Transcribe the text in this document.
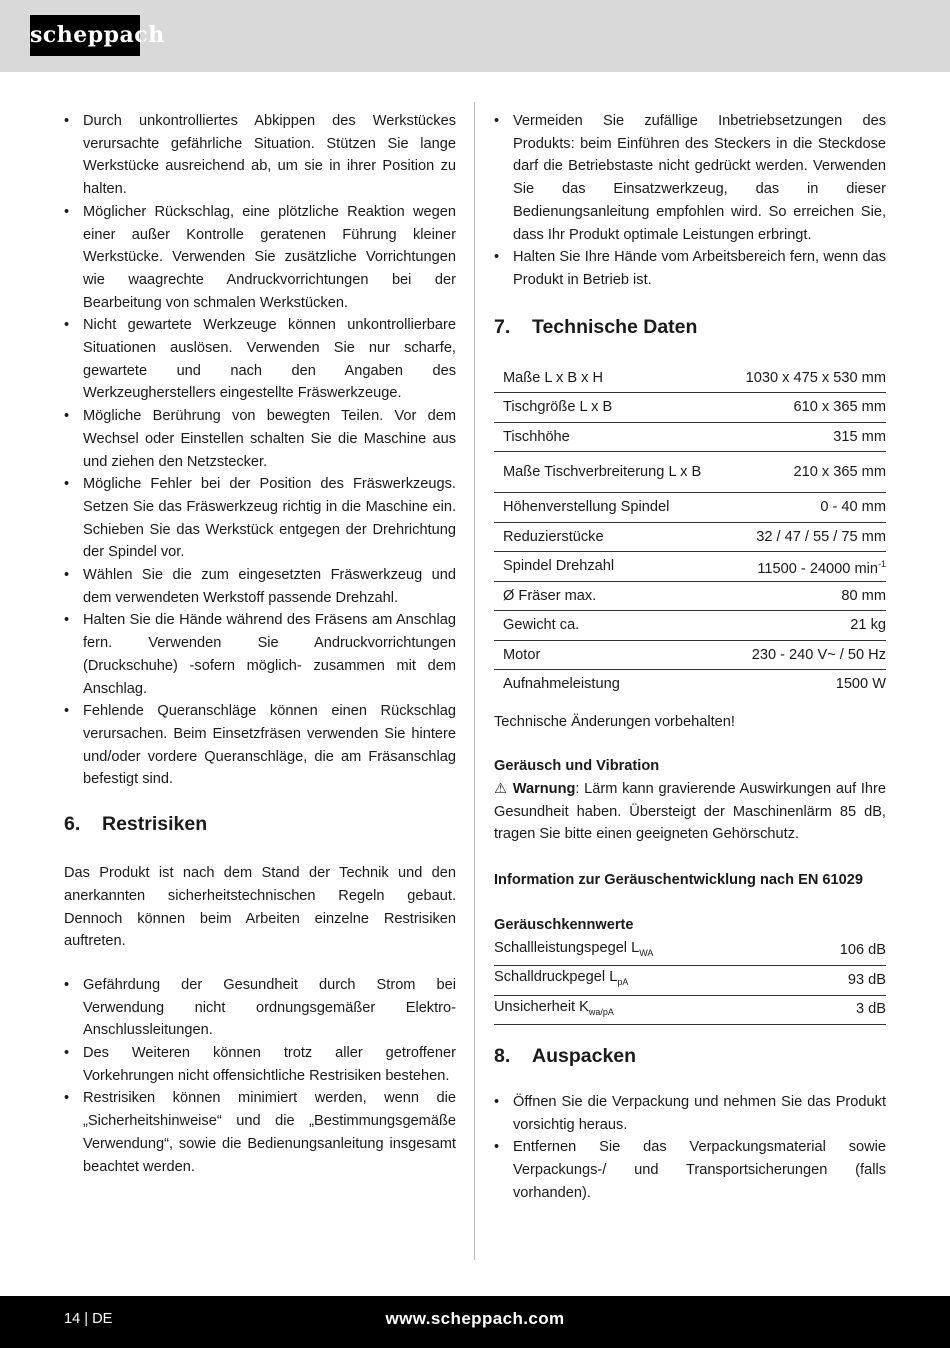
scheppach
• Durch unkontrolliertes Abkippen des Werkstückes verursachte gefährliche Situation. Stützen Sie lange Werkstücke ausreichend ab, um sie in ihrer Position zu halten.
• Möglicher Rückschlag, eine plötzliche Reaktion wegen einer außer Kontrolle geratenen Führung kleiner Werkstücke. Verwenden Sie zusätzliche Vorrichtungen wie waagrechte Andruckvorrichtungen bei der Bearbeitung von schmalen Werkstücken.
• Nicht gewartete Werkzeuge können unkontrollierbare Situationen auslösen. Verwenden Sie nur scharfe, gewartete und nach den Angaben des Werkzeugherstellers eingestellte Fräswerkzeuge.
• Mögliche Berührung von bewegten Teilen. Vor dem Wechsel oder Einstellen schalten Sie die Maschine aus und ziehen den Netzstecker.
• Mögliche Fehler bei der Position des Fräswerkzeugs. Setzen Sie das Fräswerkzeug richtig in die Maschine ein. Schieben Sie das Werkstück entgegen der Drehrichtung der Spindel vor.
• Wählen Sie die zum eingesetzten Fräswerkzeug und dem verwendeten Werkstoff passende Drehzahl.
• Halten Sie die Hände während des Fräsens am Anschlag fern. Verwenden Sie Andruckvorrichtungen (Druckschuhe) -sofern möglich- zusammen mit dem Anschlag.
• Fehlende Queranschläge können einen Rückschlag verursachen. Beim Einsetzfräsen verwenden Sie hintere und/oder vordere Queranschläge, die am Fräsanschlag befestigt sind.
6. Restrisiken

Das Produkt ist nach dem Stand der Technik und den anerkannten sicherheitstechnischen Regeln gebaut. Dennoch können beim Arbeiten einzelne Restrisiken auftreten.

• Gefährdung der Gesundheit durch Strom bei Verwendung nicht ordnungsgemäßer Elektro-Anschlussleitungen.
• Des Weiteren können trotz aller getroffener Vorkehrungen nicht offensichtliche Restrisiken bestehen.
• Restrisiken können minimiert werden, wenn die „Sicherheitshinweise“ und die „Bestimmungsgemäße Verwendung“, sowie die Bedienungsanleitung insgesamt beachtet werden.
• Vermeiden Sie zufällige Inbetriebsetzungen des Produkts: beim Einführen des Steckers in die Steckdose darf die Betriebstaste nicht gedrückt werden. Verwenden Sie das Einsatzwerkzeug, das in dieser Bedienungsanleitung empfohlen wird. So erreichen Sie, dass Ihr Produkt optimale Leistungen erbringt.
• Halten Sie Ihre Hände vom Arbeitsbereich fern, wenn das Produkt in Betrieb ist.
7. Technische Daten
Maße L x B x H	1030 x 475 x 530 mm
Tischgröße L x B	610 x 365 mm
Tischhöhe	315 mm
Maße Tischverbreiterung L x B	210 x 365 mm
Höhenverstellung Spindel	0 - 40 mm
Reduzierstücke	32 / 47 / 55 / 75 mm
Spindel Drehzahl	11500 - 24000 $\min^{-1}$
Ø Fräser max.	80 mm
Gewicht ca.	21 kg
Motor	230 - 240 V~ / 50 Hz
Aufnahmeleistung	1500 W

Technische Änderungen vorbehalten!

Geräusch und Vibration

⚠ Warnung: Lärm kann gravierende Auswirkungen auf Ihre Gesundheit haben. Übersteigt der Maschinenlärm 85 dB, tragen Sie bitte einen geeigneten Gehörschutz.

Information zur Geräuschentwicklung nach EN 61029
Geräuschkennwerte
Schallleistungspegel $L_{WA}$	106 dB
Schalldruckpegel $L_{pA}$	93 dB
Unsicherheit $K_{wa/pA}$	3 dB
8. Auspacken
• Öffnen Sie die Verpackung und nehmen Sie das Produkt vorsichtig heraus.
• Entfernen Sie das Verpackungsmaterial sowie Verpackungs-/ und Transportsicherungen (falls vorhanden).
14 | DE	www.scheppach.com
